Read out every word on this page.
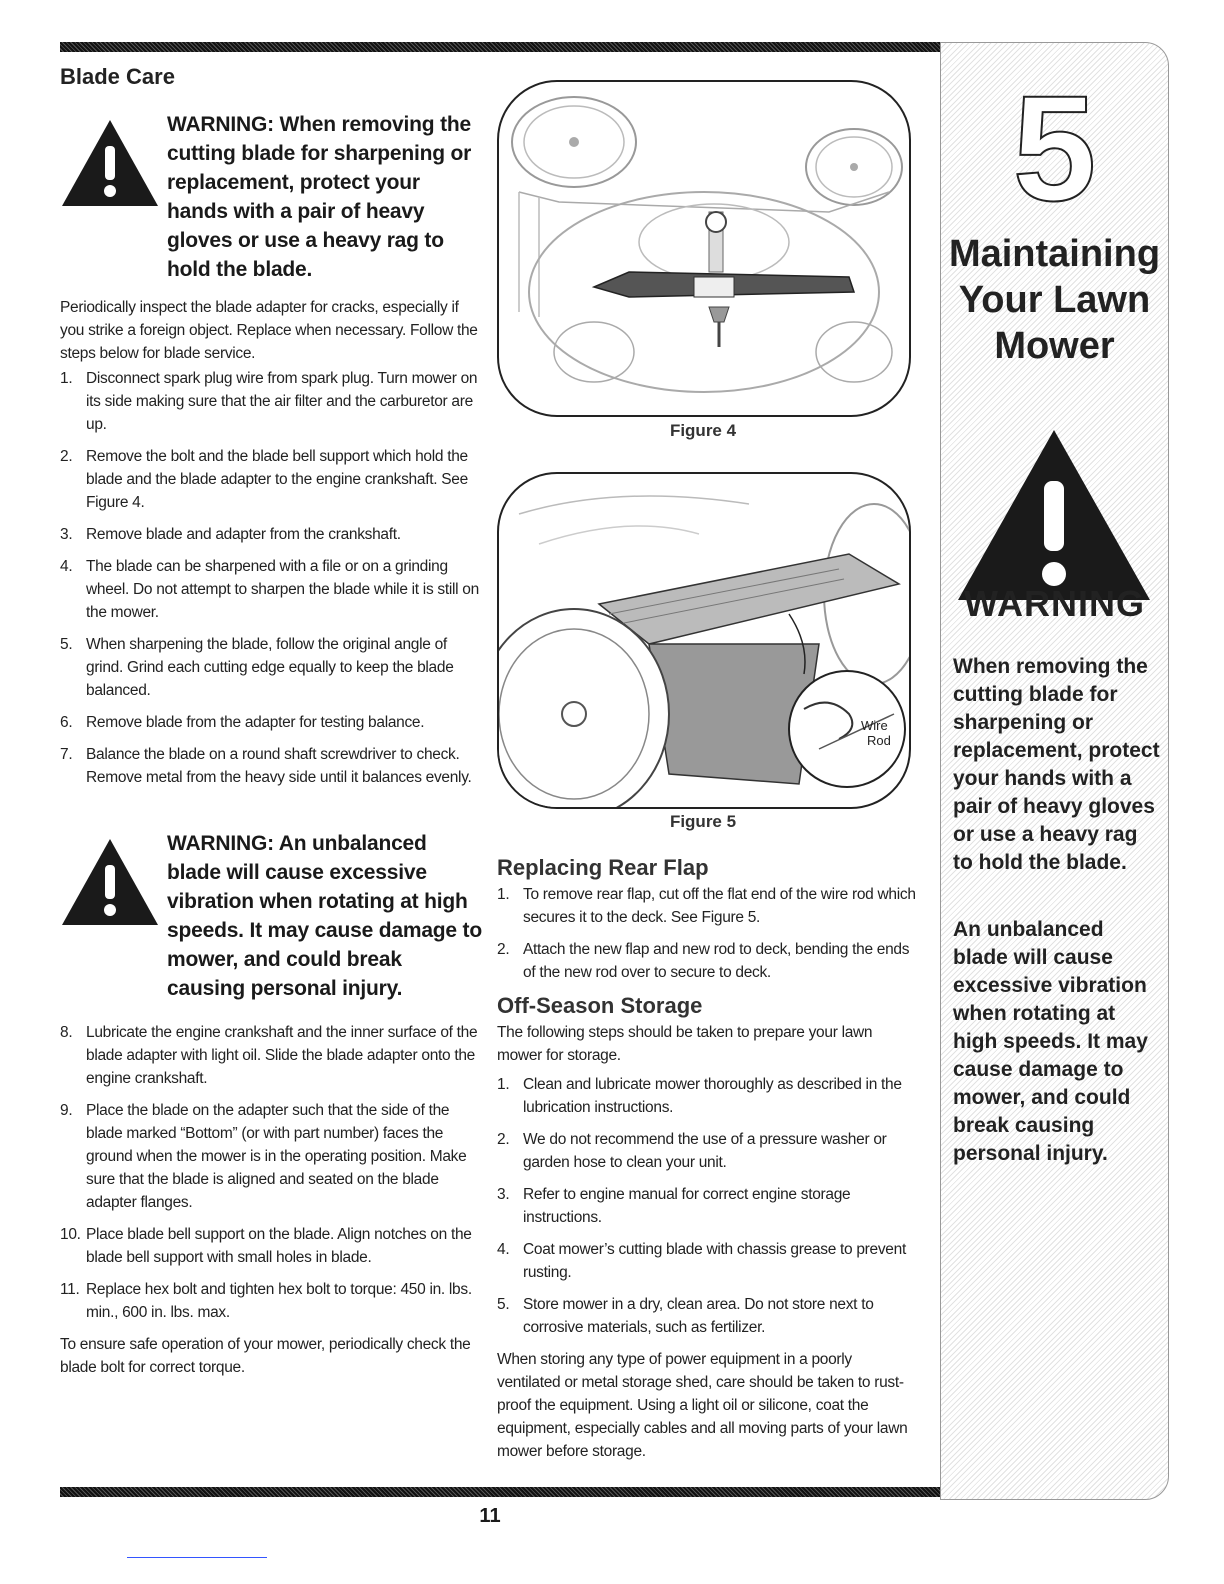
Blade Care
WARNING: When removing the cutting blade for sharpening or replacement, protect your hands with a pair of heavy gloves or use a heavy rag to hold the blade.

Periodically inspect the blade adapter for cracks, especially if you strike a foreign object. Replace when necessary. Follow the steps below for blade service.

1. Disconnect spark plug wire from spark plug. Turn mower on its side making sure that the air filter and the carburetor are up.
2. Remove the bolt and the blade bell support which hold the blade and the blade adapter to the engine crankshaft. See Figure 4.
3. Remove blade and adapter from the crankshaft.
4. The blade can be sharpened with a file or on a grinding wheel. Do not attempt to sharpen the blade while it is still on the mower.
5. When sharpening the blade, follow the original angle of grind. Grind each cutting edge equally to keep the blade balanced.
6. Remove blade from the adapter for testing balance.
7. Balance the blade on a round shaft screwdriver to check. Remove metal from the heavy side until it balances evenly.
WARNING: An unbalanced blade will cause excessive vibration when rotating at high speeds. It may cause damage to mower, and could break causing personal injury.
8. Lubricate the engine crankshaft and the inner surface of the blade adapter with light oil. Slide the blade adapter onto the engine crankshaft.
9. Place the blade on the adapter such that the side of the blade marked “Bottom” (or with part number) faces the ground when the mower is in the operating position. Make sure that the blade is aligned and seated on the blade adapter flanges.
10. Place blade bell support on the blade. Align notches on the blade bell support with small holes in blade.
11. Replace hex bolt and tighten hex bolt to torque: 450 in. lbs. min., 600 in. lbs. max.

To ensure safe operation of your mower, periodically check the blade bolt for correct torque.

Figure 4
Wire
Rod
Figure 5
Replacing Rear Flap
1. To remove rear flap, cut off the flat end of the wire rod which secures it to the deck. See Figure 5.
2. Attach the new flap and new rod to deck, bending the ends of the new rod over to secure to deck.
Off-Season Storage

The following steps should be taken to prepare your lawn mower for storage.

1. Clean and lubricate mower thoroughly as described in the lubrication instructions.
2. We do not recommend the use of a pressure washer or garden hose to clean your unit.
3. Refer to engine manual for correct engine storage instructions.
4. Coat mower’s cutting blade with chassis grease to prevent rusting.
5. Store mower in a dry, clean area. Do not store next to corrosive materials, such as fertilizer.

When storing any type of power equipment in a poorly ventilated or metal storage shed, care should be taken to rust-proof the equipment. Using a light oil or silicone, coat the equipment, especially cables and all moving parts of your lawn mower before storage.

5
Maintaining
Your Lawn
Mower
WARNING
When removing the cutting blade for sharpening or replacement, protect your hands with a pair of heavy gloves or use a heavy rag to hold the blade.
An unbalanced blade will cause excessive vibration when rotating at high speeds. It may cause damage to mower, and could break causing personal injury.
11
